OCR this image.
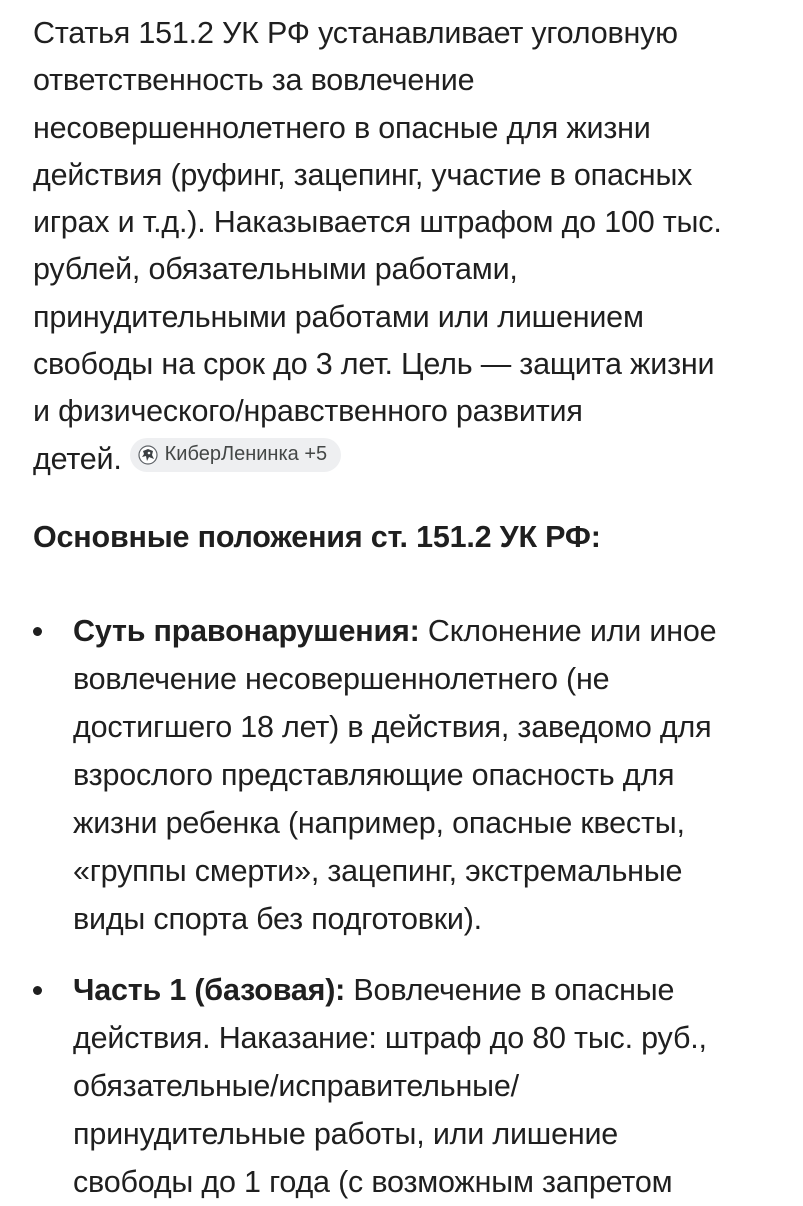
Статья 151.2 УК РФ устанавливает уголовную
ответственность за вовлечение
несовершеннолетнего в опасные для жизни
действия (руфинг, зацепинг, участие в опасных
играх и т.д.). Наказывается штрафом до 100 тыс.
рублей, обязательными работами,
принудительными работами или лишением
свободы на срок до 3 лет. Цель — защита жизни
и физического/нравственного развития
детей. КиберЛенинка +5

Основные положения ст. 151.2 УК РФ:
Суть правонарушения: Склонение или иное
вовлечение несовершеннолетнего (не
достигшего 18 лет) в действия, заведомо для
взрослого представляющие опасность для
жизни ребенка (например, опасные квесты,
«группы смерти», зацепинг, экстремальные
виды спорта без подготовки).
Часть 1 (базовая): Вовлечение в опасные
действия. Наказание: штраф до 80 тыс. руб.,
обязательные/исправительные/
принудительные работы, или лишение
свободы до 1 года (с возможным запретом
